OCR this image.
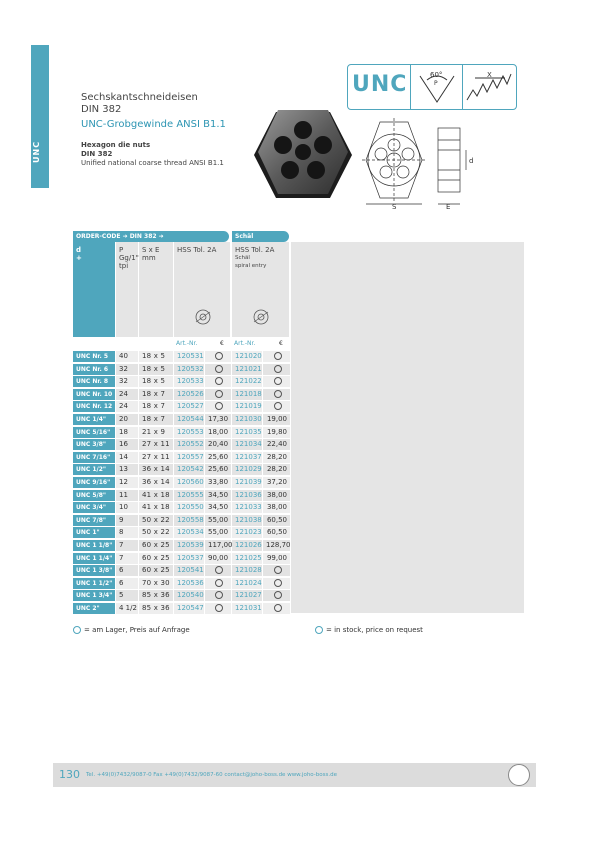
UNC
Sechskantschneideisen
DIN 382
UNC-Grobgewinde ANSI B1.1
Hexagon die nuts
DIN 382
Unified national coarse thread ANSI B1.1
S	E
d
UNC	60°
P
X
ORDER-CODE ➜ DIN 382 ➜	Schäl
d
+
P
Gg/1"
tpi
S x E
mm
HSS Tol. 2A	HSS Tol. 2A
Schäl
spiral entry
Art.-Nr.	€ Art.-Nr.	€
UNC Nr. 5	40	18 x 5	120531	121020
UNC Nr. 6	32	18 x 5	120532	121021
UNC Nr. 8	32	18 x 5	120533	121022
UNC Nr. 10 24	18 x 7	120526	121018
UNC Nr. 12 24	18 x 7	120527	121019
UNC 1/4"	20	18 x 7	120544 17,30 121030 19,00
UNC 5/16"	18	21 x 9	120553 18,00 121035 19,80
UNC 3/8"	16	27 x 11	120552 20,40 121034 22,40
UNC 7/16"	14	27 x 11	120557 25,60 121037 28,20
UNC 1/2"	13	36 x 14	120542 25,60 121029 28,20
UNC 9/16"	12	36 x 14	120560 33,80 121039 37,20
UNC 5/8"	11	41 x 18	120555 34,50 121036 38,00
UNC 3/4"	10	41 x 18	120550 34,50 121033 38,00
UNC 7/8"	9	50 x 22	120558 55,00 121038 60,50
UNC 1"	8	50 x 22	120534 55,00 121023 60,50
UNC 1 1/8" 7	60 x 25	120539 117,00 121026 128,70
UNC 1 1/4" 7	60 x 25	120537 90,00 121025 99,00
UNC 1 3/8" 6	60 x 25	120541	121028
UNC 1 1/2" 6	70 x 30	120536	121024
UNC 1 3/4" 5	85 x 36	120540	121027
UNC 2"	4 1/2 85 x 36	120547	121031
= am Lager, Preis auf Anfrage	= in stock, price on request
130 Tel. +49(0)7432/9087-0 Fax +49(0)7432/9087-60 contact@joho-boss.de www.joho-boss.de
